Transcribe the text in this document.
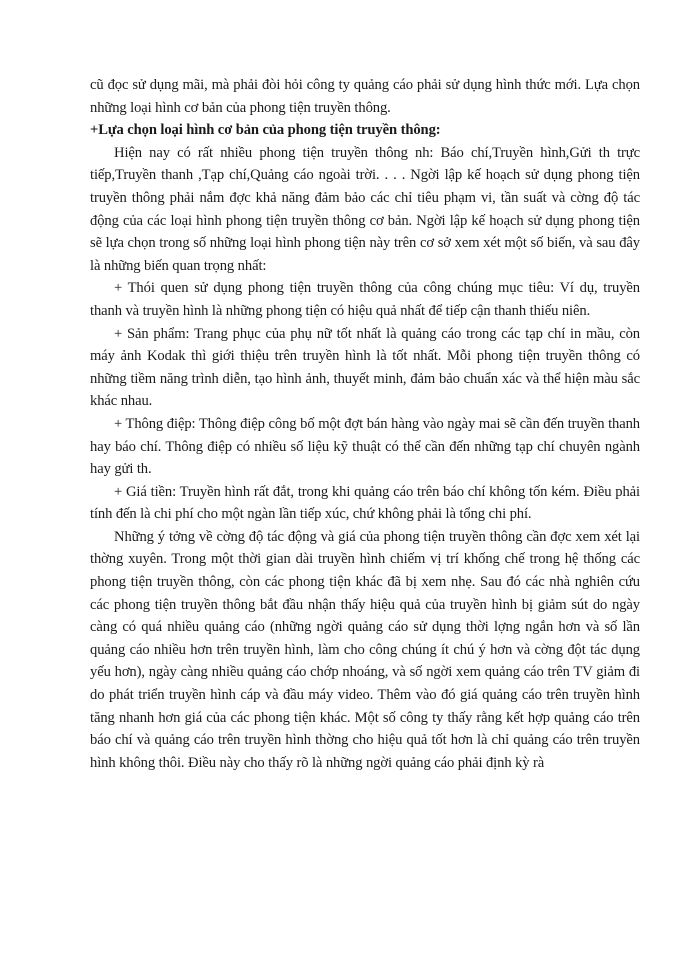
cũ đọc sử dụng mãi, mà phải đòi hỏi công ty quảng cáo phải sử dụng hình thức mới. Lựa chọn những loại hình cơ bản của phong tiện truyền thông.

+Lựa chọn loại hình cơ bản của phong tiện truyền thông:

Hiện nay có rất nhiều phong tiện truyền thông nh: Báo chí,Truyền hình,Gửi th trực tiếp,Truyền thanh ,Tạp chí,Quảng cáo ngoài trời. . . . Ngời lập kế hoạch sử dụng phong tiện truyền thông phải nắm đợc khả năng đảm bảo các chỉ tiêu phạm vi, tần suất và cờng độ tác động của các loại hình phong tiện truyền thông cơ bản. Ngời lập kế hoạch sử dụng phong tiện sẽ lựa chọn trong số những loại hình phong tiện này trên cơ sở xem xét một số biến, và sau đây là những biến quan trọng nhất:

+ Thói quen sử dụng phong tiện truyền thông của công chúng mục tiêu: Ví dụ, truyền thanh và truyền hình là những phong tiện có hiệu quả nhất để tiếp cận thanh thiếu niên.

+ Sản phẩm: Trang phục của phụ nữ tốt nhất là quảng cáo trong các tạp chí in mầu, còn máy ảnh Kodak thì giới thiệu trên truyền hình là tốt nhất. Mỗi phong tiện truyền thông có những tiềm năng trình diễn, tạo hình ảnh, thuyết minh, đảm bảo chuẩn xác và thể hiện màu sắc khác nhau.

+ Thông điệp: Thông điệp công bố một đợt bán hàng vào ngày mai sẽ cần đến truyền thanh hay báo chí. Thông điệp có nhiều số liệu kỹ thuật có thể cần đến những tạp chí chuyên ngành hay gửi th.

+ Giá tiền: Truyền hình rất đắt, trong khi quảng cáo trên báo chí không tốn kém. Điều phải tính đến là chi phí cho một ngàn lần tiếp xúc, chứ không phải là tổng chi phí.

Những ý tởng về cờng độ tác động và giá của phong tiện truyền thông cần đợc xem xét lại thờng xuyên. Trong một thời gian dài truyền hình chiếm vị trí khống chế trong hệ thống các phong tiện truyền thông, còn các phong tiện khác đã bị xem nhẹ. Sau đó các nhà nghiên cứu các phong tiện truyền thông bắt đầu nhận thấy hiệu quả của truyền hình bị giảm sút do ngày càng có quá nhiều quảng cáo (những ngời quảng cáo sử dụng thời lợng ngắn hơn và số lần quảng cáo nhiều hơn trên truyền hình, làm cho công chúng ít chú ý hơn và cờng đột tác dụng yếu hơn), ngày càng nhiều quảng cáo chớp nhoáng, và số ngời xem quảng cáo trên TV giảm đi do phát triển truyền hình cáp và đầu máy video. Thêm vào đó giá quảng cáo trên truyền hình tăng nhanh hơn giá của các phong tiện khác. Một số công ty thấy rằng kết hợp quảng cáo trên báo chí và quảng cáo trên truyền hình thờng cho hiệu quả tốt hơn là chỉ quảng cáo trên truyền hình không thôi. Điều này cho thấy rõ là những ngời quảng cáo phải định kỳ rà
